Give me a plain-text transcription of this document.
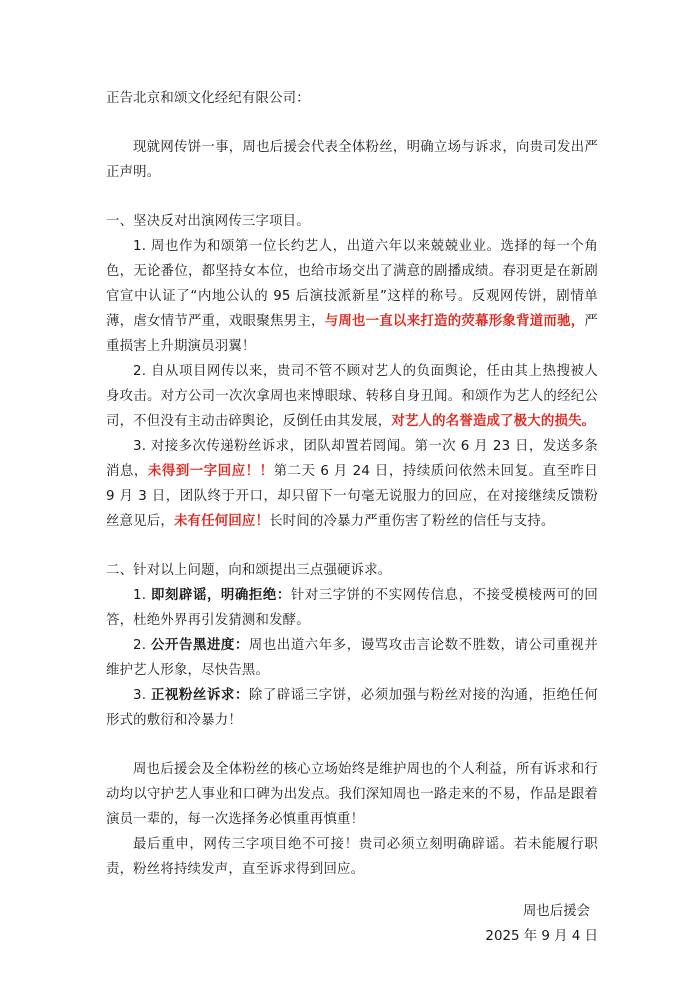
正告北京和颂文化经纪有限公司：

现就网传饼一事，周也后援会代表全体粉丝，明确立场与诉求，向贵司发出严正声明。

一、坚决反对出演网传三字项目。

1. 周也作为和颂第一位长约艺人，出道六年以来兢兢业业。选择的每一个角色，无论番位，都坚持女本位，也给市场交出了满意的剧播成绩。春羽更是在新剧官宣中认证了“内地公认的 95 后演技派新星”这样的称号。反观网传饼，剧情单薄，虐女情节严重，戏眼聚焦男主，与周也一直以来打造的荧幕形象背道而驰，严重损害上升期演员羽翼！

2. 自从项目网传以来，贵司不管不顾对艺人的负面舆论，任由其上热搜被人身攻击。对方公司一次次拿周也来博眼球、转移自身丑闻。和颂作为艺人的经纪公司，不但没有主动击碎舆论，反倒任由其发展，对艺人的名誉造成了极大的损失。

3. 对接多次传递粉丝诉求，团队却置若罔闻。第一次 6 月 23 日，发送多条消息，未得到一字回应！！第二天 6 月 24 日，持续质问依然未回复。直至昨日 9 月 3 日，团队终于开口，却只留下一句毫无说服力的回应，在对接继续反馈粉丝意见后，未有任何回应！长时间的冷暴力严重伤害了粉丝的信任与支持。

二、针对以上问题，向和颂提出三点强硬诉求。

1. 即刻辟谣，明确拒绝：针对三字饼的不实网传信息，不接受模棱两可的回答，杜绝外界再引发猜测和发酵。

2. 公开告黑进度：周也出道六年多，谩骂攻击言论数不胜数，请公司重视并维护艺人形象，尽快告黑。

3. 正视粉丝诉求：除了辟谣三字饼，必须加强与粉丝对接的沟通，拒绝任何形式的敷衍和冷暴力！

周也后援会及全体粉丝的核心立场始终是维护周也的个人利益，所有诉求和行动均以守护艺人事业和口碑为出发点。我们深知周也一路走来的不易，作品是跟着演员一辈的，每一次选择务必慎重再慎重！

最后重申，网传三字项目绝不可接！贵司必须立刻明确辟谣。若未能履行职责，粉丝将持续发声，直至诉求得到回应。

周也后援会
2025 年 9 月 4 日
